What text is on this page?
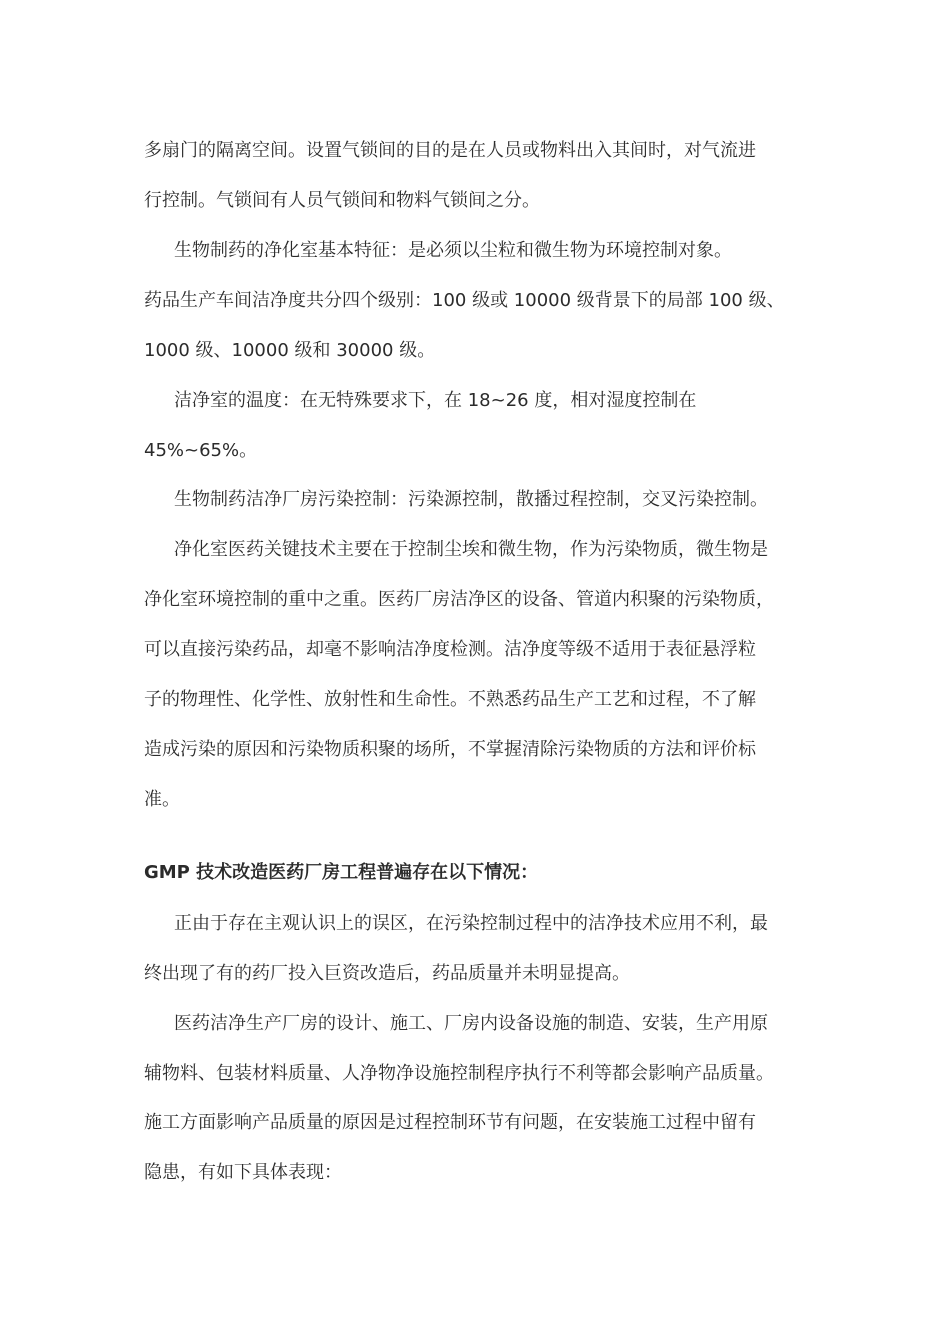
多扇门的隔离空间。设置气锁间的目的是在人员或物料出入其间时，对气流进
行控制。气锁间有人员气锁间和物料气锁间之分。
生物制药的净化室基本特征：是必须以尘粒和微生物为环境控制对象。
药品生产车间洁净度共分四个级别：100 级或 10000 级背景下的局部 100 级、
1000 级、10000 级和 30000 级。
洁净室的温度：在无特殊要求下，在 18~26 度，相对湿度控制在
45%~65%。
生物制药洁净厂房污染控制：污染源控制，散播过程控制，交叉污染控制。
净化室医药关键技术主要在于控制尘埃和微生物，作为污染物质，微生物是
净化室环境控制的重中之重。医药厂房洁净区的设备、管道内积聚的污染物质，
可以直接污染药品，却毫不影响洁净度检测。洁净度等级不适用于表征悬浮粒
子的物理性、化学性、放射性和生命性。不熟悉药品生产工艺和过程，不了解
造成污染的原因和污染物质积聚的场所，不掌握清除污染物质的方法和评价标
准。
GMP 技术改造医药厂房工程普遍存在以下情况：
正由于存在主观认识上的误区，在污染控制过程中的洁净技术应用不利，最
终出现了有的药厂投入巨资改造后，药品质量并未明显提高。
医药洁净生产厂房的设计、施工、厂房内设备设施的制造、安装，生产用原
辅物料、包装材料质量、人净物净设施控制程序执行不利等都会影响产品质量。
施工方面影响产品质量的原因是过程控制环节有问题，在安装施工过程中留有
隐患，有如下具体表现：
